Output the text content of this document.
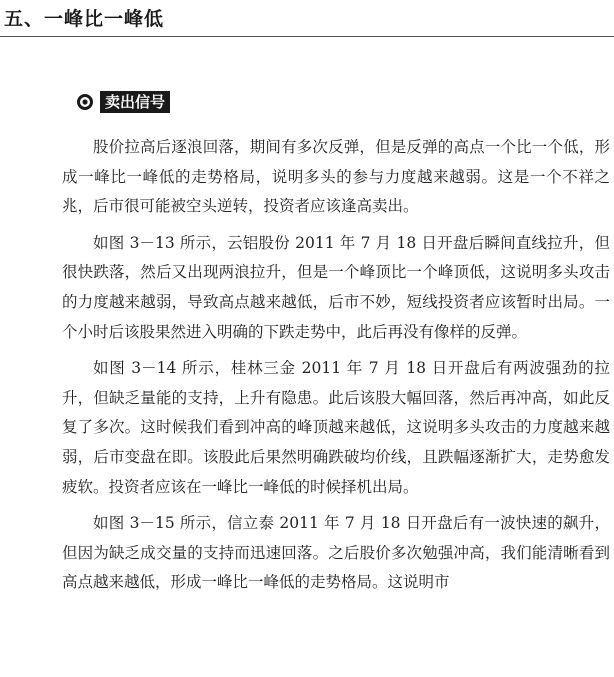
五、一峰比一峰低
卖出信号

股价拉高后逐浪回落，期间有多次反弹，但是反弹的高点一个比一个低，形成一峰比一峰低的走势格局，说明多头的参与力度越来越弱。这是一个不祥之兆，后市很可能被空头逆转，投资者应该逢高卖出。

如图 3－13 所示，云铝股份 2011 年 7 月 18 日开盘后瞬间直线拉升，但很快跌落，然后又出现两浪拉升，但是一个峰顶比一个峰顶低，这说明多头攻击的力度越来越弱，导致高点越来越低，后市不妙，短线投资者应该暂时出局。一个小时后该股果然进入明确的下跌走势中，此后再没有像样的反弹。

如图 3－14 所示，桂林三金 2011 年 7 月 18 日开盘后有两波强劲的拉升，但缺乏量能的支持，上升有隐患。此后该股大幅回落，然后再冲高，如此反复了多次。这时候我们看到冲高的峰顶越来越低，这说明多头攻击的力度越来越弱，后市变盘在即。该股此后果然明确跌破均价线，且跌幅逐渐扩大，走势愈发疲软。投资者应该在一峰比一峰低的时候择机出局。

如图 3－15 所示，信立泰 2011 年 7 月 18 日开盘后有一波快速的飙升，但因为缺乏成交量的支持而迅速回落。之后股价多次勉强冲高，我们能清晰看到高点越来越低，形成一峰比一峰低的走势格局。这说明市
